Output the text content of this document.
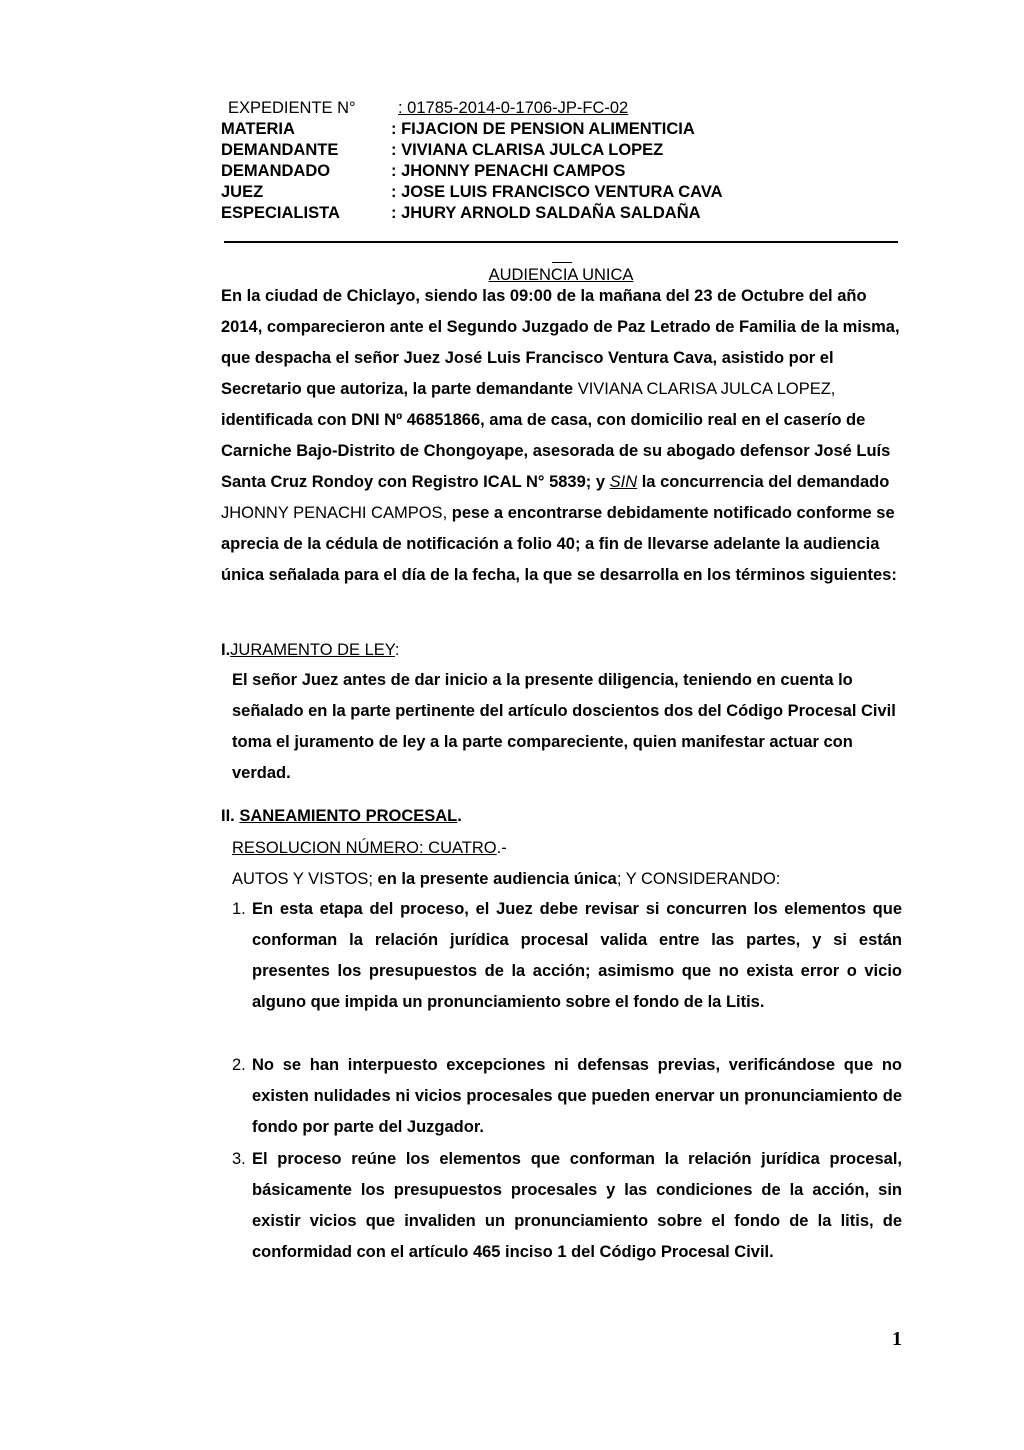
EXPEDIENTE N°	: 01785-2014-0-1706-JP-FC-02
MATERIA	: FIJACION DE PENSION ALIMENTICIA
DEMANDANTE	: VIVIANA CLARISA JULCA LOPEZ
DEMANDADO	: JHONNY PENACHI CAMPOS
JUEZ	: JOSE LUIS FRANCISCO VENTURA CAVA
ESPECIALISTA	: JHURY ARNOLD SALDAÑA SALDAÑA
AUDIENCIA UNICA
En la ciudad de Chiclayo, siendo las 09:00 de la mañana del 23 de Octubre del año 2014, comparecieron ante el Segundo Juzgado de Paz Letrado de Familia de la misma, que despacha el señor Juez José Luis Francisco Ventura Cava, asistido por el Secretario que autoriza, la parte demandante VIVIANA CLARISA JULCA LOPEZ, identificada con DNI Nº 46851866, ama de casa, con domicilio real en el caserío de Carniche Bajo-Distrito de Chongoyape, asesorada de su abogado defensor José Luís Santa Cruz Rondoy con Registro ICAL N° 5839; y SIN la concurrencia del demandado JHONNY PENACHI CAMPOS, pese a encontrarse debidamente notificado conforme se aprecia de la cédula de notificación a folio 40; a fin de llevarse adelante la audiencia única señalada para el día de la fecha, la que se desarrolla en los términos siguientes:
I.JURAMENTO DE LEY:
El señor Juez antes de dar inicio a la presente diligencia, teniendo en cuenta lo señalado en la parte pertinente del artículo doscientos dos del Código Procesal Civil toma el juramento de ley a la parte compareciente, quien manifestar actuar con verdad.
II. SANEAMIENTO PROCESAL.
RESOLUCION NÚMERO: CUATRO.-
AUTOS Y VISTOS; en la presente audiencia única; Y CONSIDERANDO:
1. En esta etapa del proceso, el Juez debe revisar si concurren los elementos que conforman la relación jurídica procesal valida entre las partes, y si están presentes los presupuestos de la acción; asimismo que no exista error o vicio alguno que impida un pronunciamiento sobre el fondo de la Litis.
2. No se han interpuesto excepciones ni defensas previas, verificándose que no existen nulidades ni vicios procesales que pueden enervar un pronunciamiento de fondo por parte del Juzgador.
3. El proceso reúne los elementos que conforman la relación jurídica procesal, básicamente los presupuestos procesales y las condiciones de la acción, sin existir vicios que invaliden un pronunciamiento sobre el fondo de la litis, de conformidad con el artículo 465 inciso 1 del Código Procesal Civil.
1
